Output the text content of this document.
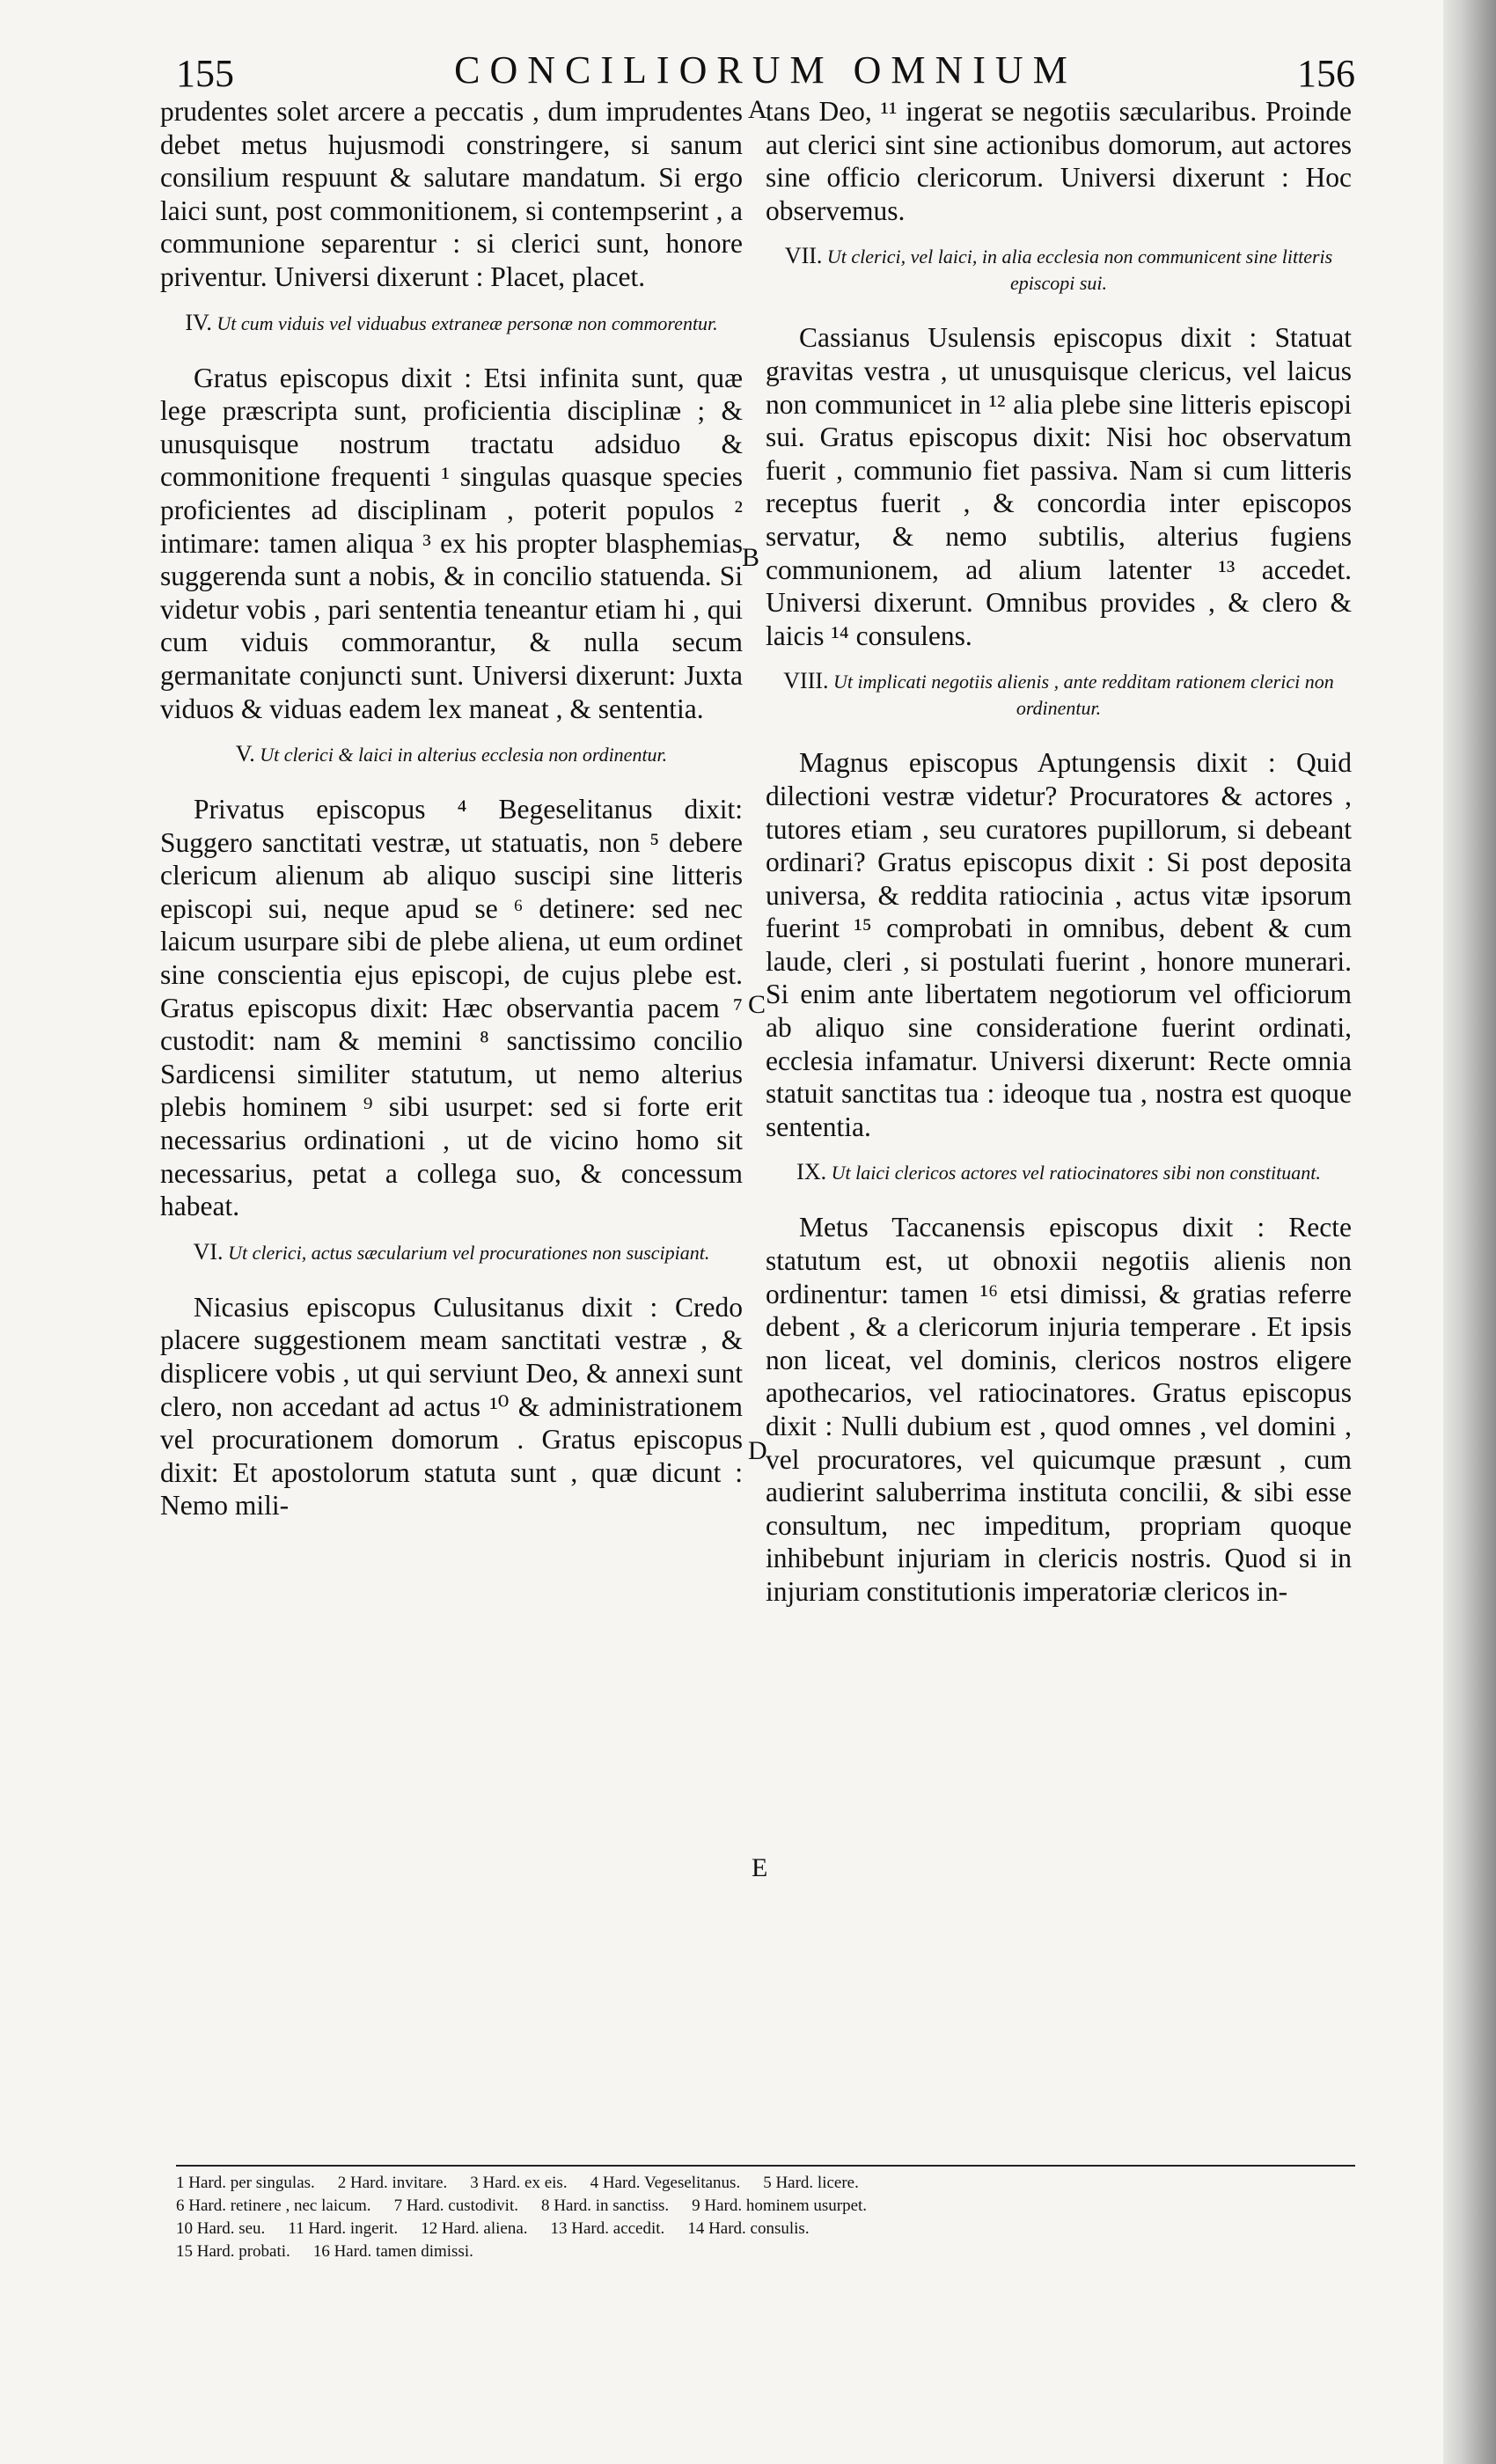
155	CONCILIORUM OMNIUM	156

prudentes solet arcere a peccatis , dum imprudentes debet metus hujusmodi constringere, si sanum consilium respuunt & salutare mandatum. Si ergo laici sunt, post commonitionem, si contempserint , a communione separentur : si clerici sunt, honore priventur. Universi dixerunt : Placet, placet.

IV. Ut cum viduis vel viduabus extraneæ personæ non commorentur.

Gratus episcopus dixit : Etsi infinita sunt, quæ lege præscripta sunt, proficientia disciplinæ ; & unusquisque nostrum tractatu adsiduo & commonitione frequenti ¹ singulas quasque species proficientes ad disciplinam , poterit populos ² intimare: tamen aliqua ³ ex his propter blasphemias suggerenda sunt a nobis, & in concilio statuenda. Si videtur vobis , pari sententia teneantur etiam hi , qui cum viduis commorantur, & nulla secum germanitate conjuncti sunt. Universi dixerunt: Juxta viduos & viduas eadem lex maneat , & sententia.

V. Ut clerici & laici in alterius ecclesia non ordinentur.

Privatus episcopus ⁴ Begeselitanus dixit: Suggero sanctitati vestræ, ut statuatis, non ⁵ debere clericum alienum ab aliquo suscipi sine litteris episcopi sui, neque apud se ⁶ detinere: sed nec laicum usurpare sibi de plebe aliena, ut eum ordinet sine conscientia ejus episcopi, de cujus plebe est. Gratus episcopus dixit: Hæc observantia pacem ⁷ custodit: nam & memini ⁸ sanctissimo concilio Sardicensi similiter statutum, ut nemo alterius plebis hominem ⁹ sibi usurpet: sed si forte erit necessarius ordinationi , ut de vicino homo sit necessarius, petat a collega suo, & concessum habeat.

VI. Ut clerici, actus sæcularium vel procurationes non suscipiant.

Nicasius episcopus Culusitanus dixit : Credo placere suggestionem meam sanctitati vestræ , & displicere vobis , ut qui serviunt Deo, & annexi sunt clero, non accedant ad actus ¹⁰ & administrationem vel procurationem domorum . Gratus episcopus dixit: Et apostolorum statuta sunt , quæ dicunt : Nemo mili-

tans Deo, ¹¹ ingerat se negotiis sæcularibus. Proinde aut clerici sint sine actionibus domorum, aut actores sine officio clericorum. Universi dixerunt : Hoc observemus.

VII. Ut clerici, vel laici, in alia ecclesia non communicent sine litteris episcopi sui.

Cassianus Usulensis episcopus dixit : Statuat gravitas vestra , ut unusquisque clericus, vel laicus non communicet in ¹² alia plebe sine litteris episcopi sui. Gratus episcopus dixit: Nisi hoc observatum fuerit , communio fiet passiva. Nam si cum litteris receptus fuerit , & concordia inter episcopos servatur, & nemo subtilis, alterius fugiens communionem, ad alium latenter ¹³ accedet. Universi dixerunt. Omnibus provides , & clero & laicis ¹⁴ consulens.

VIII. Ut implicati negotiis alienis , ante redditam rationem clerici non ordinentur.

Magnus episcopus Aptungensis dixit : Quid dilectioni vestræ videtur? Procuratores & actores , tutores etiam , seu curatores pupillorum, si debeant ordinari? Gratus episcopus dixit : Si post deposita universa, & reddita ratiocinia , actus vitæ ipsorum fuerint ¹⁵ comprobati in omnibus, debent & cum laude, cleri , si postulati fuerint , honore munerari. Si enim ante libertatem negotiorum vel officiorum ab aliquo sine consideratione fuerint ordinati, ecclesia infamatur. Universi dixerunt: Recte omnia statuit sanctitas tua : ideoque tua , nostra est quoque sententia.

IX. Ut laici clericos actores vel ratiocinatores sibi non constituant.

Metus Taccanensis episcopus dixit : Recte statutum est, ut obnoxii negotiis alienis non ordinentur: tamen ¹⁶ etsi dimissi, & gratias referre debent , & a clericorum injuria temperare . Et ipsis non liceat, vel dominis, clericos nostros eligere apothecarios, vel ratiocinatores. Gratus episcopus dixit : Nulli dubium est , quod omnes , vel domini , vel procuratores, vel quicumque præsunt , cum audierint saluberrima instituta concilii, & sibi esse consultum, nec impeditum, propriam quoque inhibebunt injuriam in clericis nostris. Quod si in injuriam constitutionis imperatoriæ clericos in-

A
B
C
D
E
1 Hard. per singulas. 2 Hard. invitare. 3 Hard. ex eis. 4 Hard. Vegeselitanus. 5 Hard. licere.
6 Hard. retinere , nec laicum. 7 Hard. custodivit. 8 Hard. in sanctiss. 9 Hard. hominem usurpet.
10 Hard. seu. 11 Hard. ingerit. 12 Hard. aliena. 13 Hard. accedit. 14 Hard. consulis.
15 Hard. probati. 16 Hard. tamen dimissi.
